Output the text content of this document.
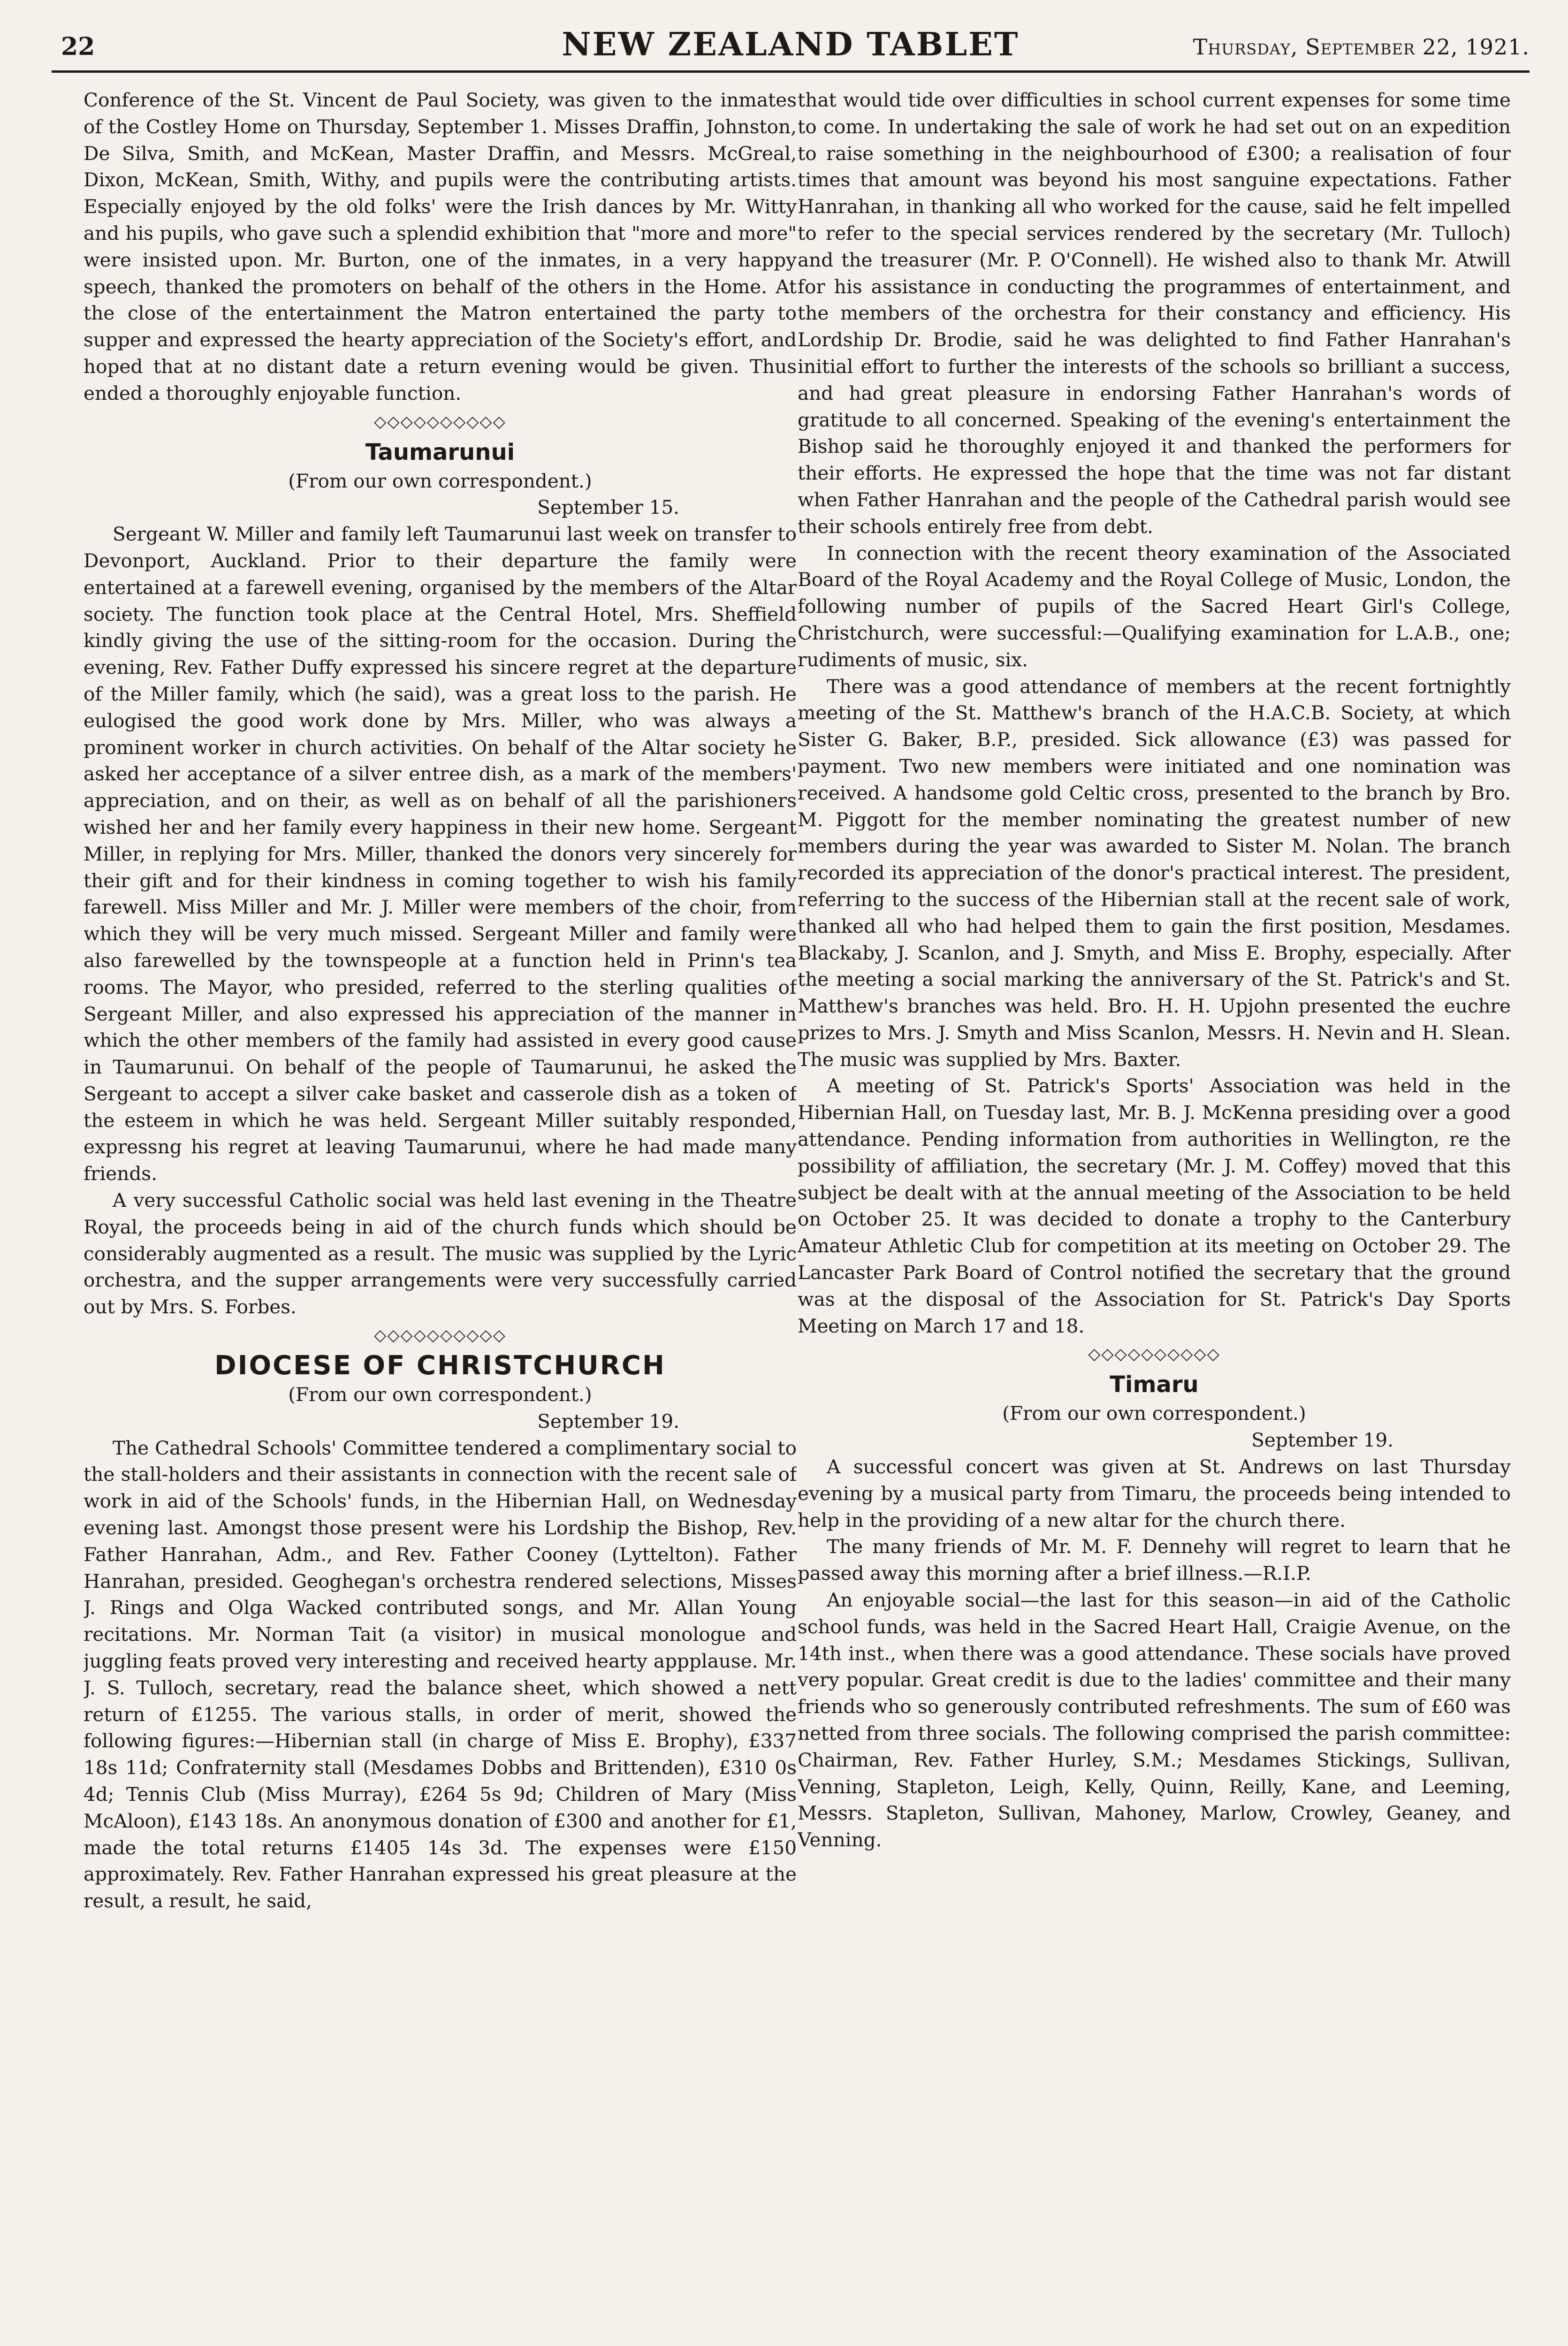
22	NEW ZEALAND TABLET	Thursday, September 22, 1921.

Conference of the St. Vincent de Paul Society, was given to the inmates of the Costley Home on Thursday, September 1. Misses Draffin, Johnston, De Silva, Smith, and McKean, Master Draffin, and Messrs. McGreal, Dixon, McKean, Smith, Withy, and pupils were the contributing artists. Especially enjoyed by the old folks' were the Irish dances by Mr. Witty and his pupils, who gave such a splendid exhibition that "more and more" were insisted upon. Mr. Burton, one of the inmates, in a very happy speech, thanked the promoters on behalf of the others in the Home. At the close of the entertainment the Matron entertained the party to supper and expressed the hearty appreciation of the Society's effort, and hoped that at no distant date a return evening would be given. Thus ended a thoroughly enjoyable function.

◇◇◇◇◇◇◇◇◇◇
Taumarunui

(From our own correspondent.)

September 15.

Sergeant W. Miller and family left Taumarunui last week on transfer to Devonport, Auckland. Prior to their departure the family were entertained at a farewell evening, organised by the members of the Altar society. The function took place at the Central Hotel, Mrs. Sheffield kindly giving the use of the sitting-room for the occasion. During the evening, Rev. Father Duffy expressed his sincere regret at the departure of the Miller family, which (he said), was a great loss to the parish. He eulogised the good work done by Mrs. Miller, who was always a prominent worker in church activities. On behalf of the Altar society he asked her acceptance of a silver entree dish, as a mark of the members' appreciation, and on their, as well as on behalf of all the parishioners wished her and her family every happiness in their new home. Sergeant Miller, in replying for Mrs. Miller, thanked the donors very sincerely for their gift and for their kindness in coming together to wish his family farewell. Miss Miller and Mr. J. Miller were members of the choir, from which they will be very much missed. Sergeant Miller and family were also farewelled by the townspeople at a function held in Prinn's tea rooms. The Mayor, who presided, referred to the sterling qualities of Sergeant Miller, and also expressed his appreciation of the manner in which the other members of the family had assisted in every good cause in Taumarunui. On behalf of the people of Taumarunui, he asked the Sergeant to accept a silver cake basket and casserole dish as a token of the esteem in which he was held. Sergeant Miller suitably responded, expressng his regret at leaving Taumarunui, where he had made many friends.

A very successful Catholic social was held last evening in the Theatre Royal, the proceeds being in aid of the church funds which should be considerably augmented as a result. The music was supplied by the Lyric orchestra, and the supper arrangements were very successfully carried out by Mrs. S. Forbes.

◇◇◇◇◇◇◇◇◇◇
DIOCESE OF CHRISTCHURCH

(From our own correspondent.)

September 19.

The Cathedral Schools' Committee tendered a complimentary social to the stall-holders and their assistants in connection with the recent sale of work in aid of the Schools' funds, in the Hibernian Hall, on Wednesday evening last. Amongst those present were his Lordship the Bishop, Rev. Father Hanrahan, Adm., and Rev. Father Cooney (Lyttelton). Father Hanrahan, presided. Geoghegan's orchestra rendered selections, Misses J. Rings and Olga Wacked contributed songs, and Mr. Allan Young recitations. Mr. Norman Tait (a visitor) in musical monologue and juggling feats proved very interesting and received hearty appplause. Mr. J. S. Tulloch, secretary, read the balance sheet, which showed a nett return of £1255. The various stalls, in order of merit, showed the following figures:—Hibernian stall (in charge of Miss E. Brophy), £337 18s 11d; Confraternity stall (Mesdames Dobbs and Brittenden), £310 0s 4d; Tennis Club (Miss Murray), £264 5s 9d; Children of Mary (Miss McAloon), £143 18s. An anonymous donation of £300 and another for £1, made the total returns £1405 14s 3d. The expenses were £150 approximately. Rev. Father Hanrahan expressed his great pleasure at the result, a result, he said,

that would tide over difficulties in school current expenses for some time to come. In undertaking the sale of work he had set out on an expedition to raise something in the neighbourhood of £300; a realisation of four times that amount was beyond his most sanguine expectations. Father Hanrahan, in thanking all who worked for the cause, said he felt impelled to refer to the special services rendered by the secretary (Mr. Tulloch) and the treasurer (Mr. P. O'Connell). He wished also to thank Mr. Atwill for his assistance in conducting the programmes of entertainment, and the members of the orchestra for their constancy and efficiency. His Lordship Dr. Brodie, said he was delighted to find Father Hanrahan's initial effort to further the interests of the schools so brilliant a success, and had great pleasure in endorsing Father Hanrahan's words of gratitude to all concerned. Speaking of the evening's entertainment the Bishop said he thoroughly enjoyed it and thanked the performers for their efforts. He expressed the hope that the time was not far distant when Father Hanrahan and the people of the Cathedral parish would see their schools entirely free from debt.

In connection with the recent theory examination of the Associated Board of the Royal Academy and the Royal College of Music, London, the following number of pupils of the Sacred Heart Girl's College, Christchurch, were successful:—Qualifying examination for L.A.B., one; rudiments of music, six.

There was a good attendance of members at the recent fortnightly meeting of the St. Matthew's branch of the H.A.C.B. Society, at which Sister G. Baker, B.P., presided. Sick allowance (£3) was passed for payment. Two new members were initiated and one nomination was received. A handsome gold Celtic cross, presented to the branch by Bro. M. Piggott for the member nominating the greatest number of new members during the year was awarded to Sister M. Nolan. The branch recorded its appreciation of the donor's practical interest. The president, referring to the success of the Hibernian stall at the recent sale of work, thanked all who had helped them to gain the first position, Mesdames. Blackaby, J. Scanlon, and J. Smyth, and Miss E. Brophy, especially. After the meeting a social marking the anniversary of the St. Patrick's and St. Matthew's branches was held. Bro. H. H. Upjohn presented the euchre prizes to Mrs. J. Smyth and Miss Scanlon, Messrs. H. Nevin and H. Slean. The music was supplied by Mrs. Baxter.

A meeting of St. Patrick's Sports' Association was held in the Hibernian Hall, on Tuesday last, Mr. B. J. McKenna presiding over a good attendance. Pending information from authorities in Wellington, re the possibility of affiliation, the secretary (Mr. J. M. Coffey) moved that this subject be dealt with at the annual meeting of the Association to be held on October 25. It was decided to donate a trophy to the Canterbury Amateur Athletic Club for competition at its meeting on October 29. The Lancaster Park Board of Control notified the secretary that the ground was at the disposal of the Association for St. Patrick's Day Sports Meeting on March 17 and 18.

◇◇◇◇◇◇◇◇◇◇
Timaru

(From our own correspondent.)

September 19.

A successful concert was given at St. Andrews on last Thursday evening by a musical party from Timaru, the proceeds being intended to help in the providing of a new altar for the church there.

The many friends of Mr. M. F. Dennehy will regret to learn that he passed away this morning after a brief illness.—R.I.P.

An enjoyable social—the last for this season—in aid of the Catholic school funds, was held in the Sacred Heart Hall, Craigie Avenue, on the 14th inst., when there was a good attendance. These socials have proved very popular. Great credit is due to the ladies' committee and their many friends who so generously contributed refreshments. The sum of £60 was netted from three socials. The following comprised the parish committee: Chairman, Rev. Father Hurley, S.M.; Mesdames Stickings, Sullivan, Venning, Stapleton, Leigh, Kelly, Quinn, Reilly, Kane, and Leeming, Messrs. Stapleton, Sullivan, Mahoney, Marlow, Crowley, Geaney, and Venning.
